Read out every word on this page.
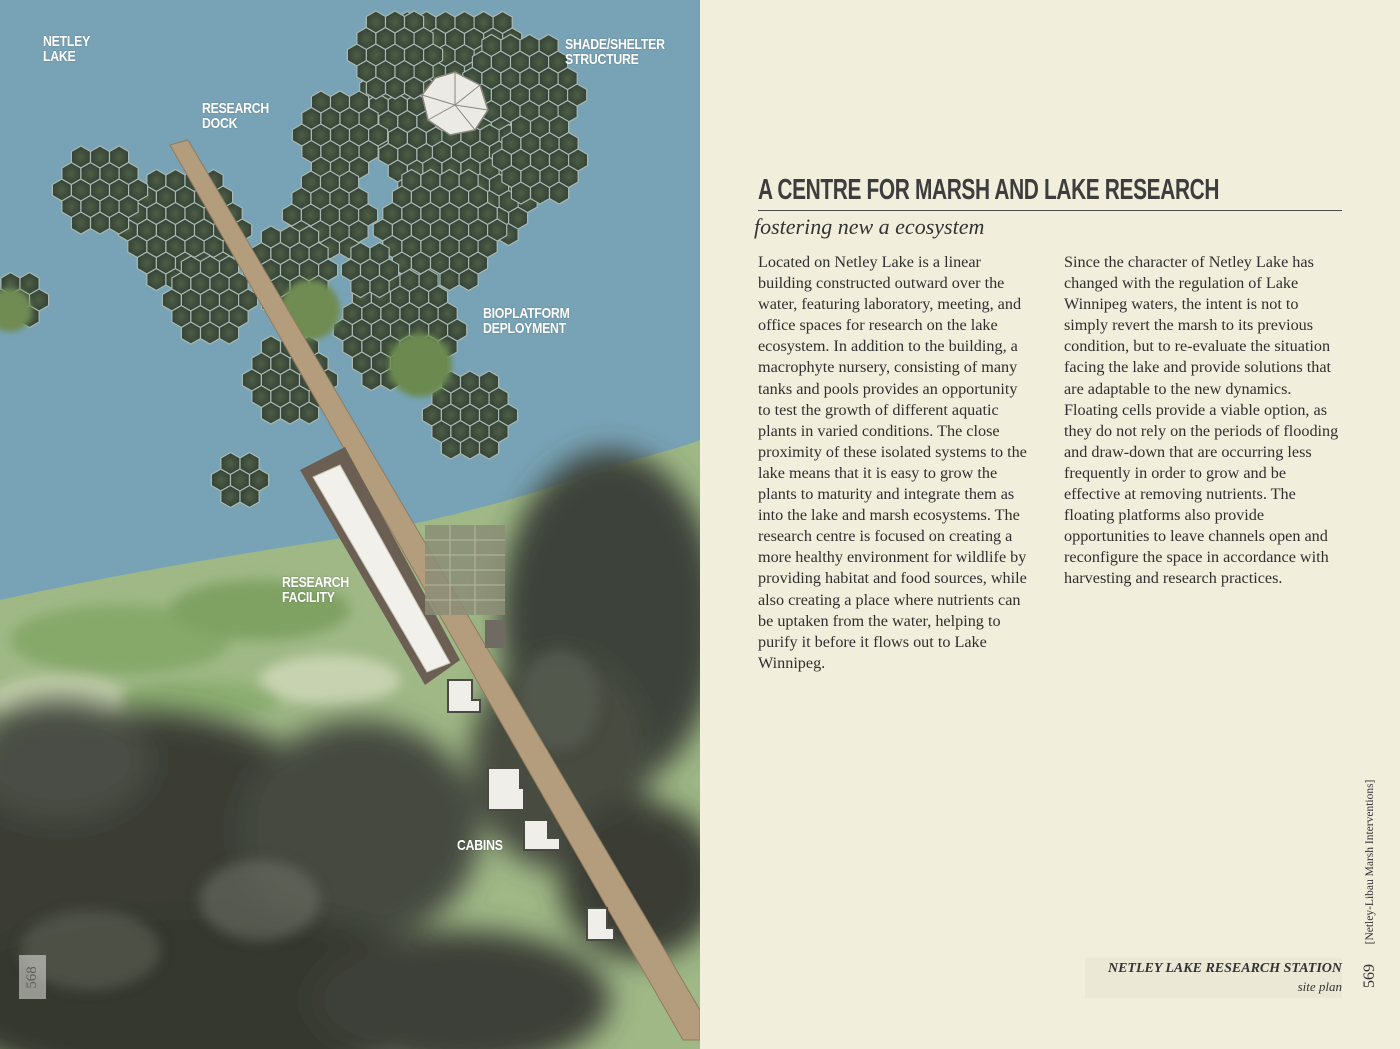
NETLEY
LAKE
RESEARCH
DOCK
SHADE/SHELTER
STRUCTURE
BIOPLATFORM
DEPLOYMENT
RESEARCH
FACILITY
CABINS
568
A CENTRE FOR MARSH AND LAKE RESEARCH
fostering new a ecosystem
Located on Netley Lake is a linear building constructed outward over the water, featuring laboratory, meeting, and office spaces for research on the lake ecosystem. In addition to the building, a macrophyte nursery, consisting of many tanks and pools provides an opportunity to test the growth of different aquatic plants in varied conditions. The close proximity of these isolated systems to the lake means that it is easy to grow the plants to maturity and integrate them as into the lake and marsh ecosystems. The research centre is focused on creating a more healthy environment for wildlife by providing habitat and food sources, while also creating a place where nutrients can be uptaken from the water, helping to purify it before it flows out to Lake Winnipeg.
Since the character of Netley Lake has changed with the regulation of Lake Winnipeg waters, the intent is not to simply revert the marsh to its previous condition, but to re-evaluate the situation facing the lake and provide solutions that are adaptable to the new dynamics. Floating cells provide a viable option, as they do not rely on the periods of flooding and draw-down that are occurring less frequently in order to grow and be effective at removing nutrients. The floating platforms also provide opportunities to leave channels open and reconfigure the space in accordance with harvesting and research practices.
NETLEY LAKE RESEARCH STATION
site plan
[Netley-Libau Marsh Interventions]
569
